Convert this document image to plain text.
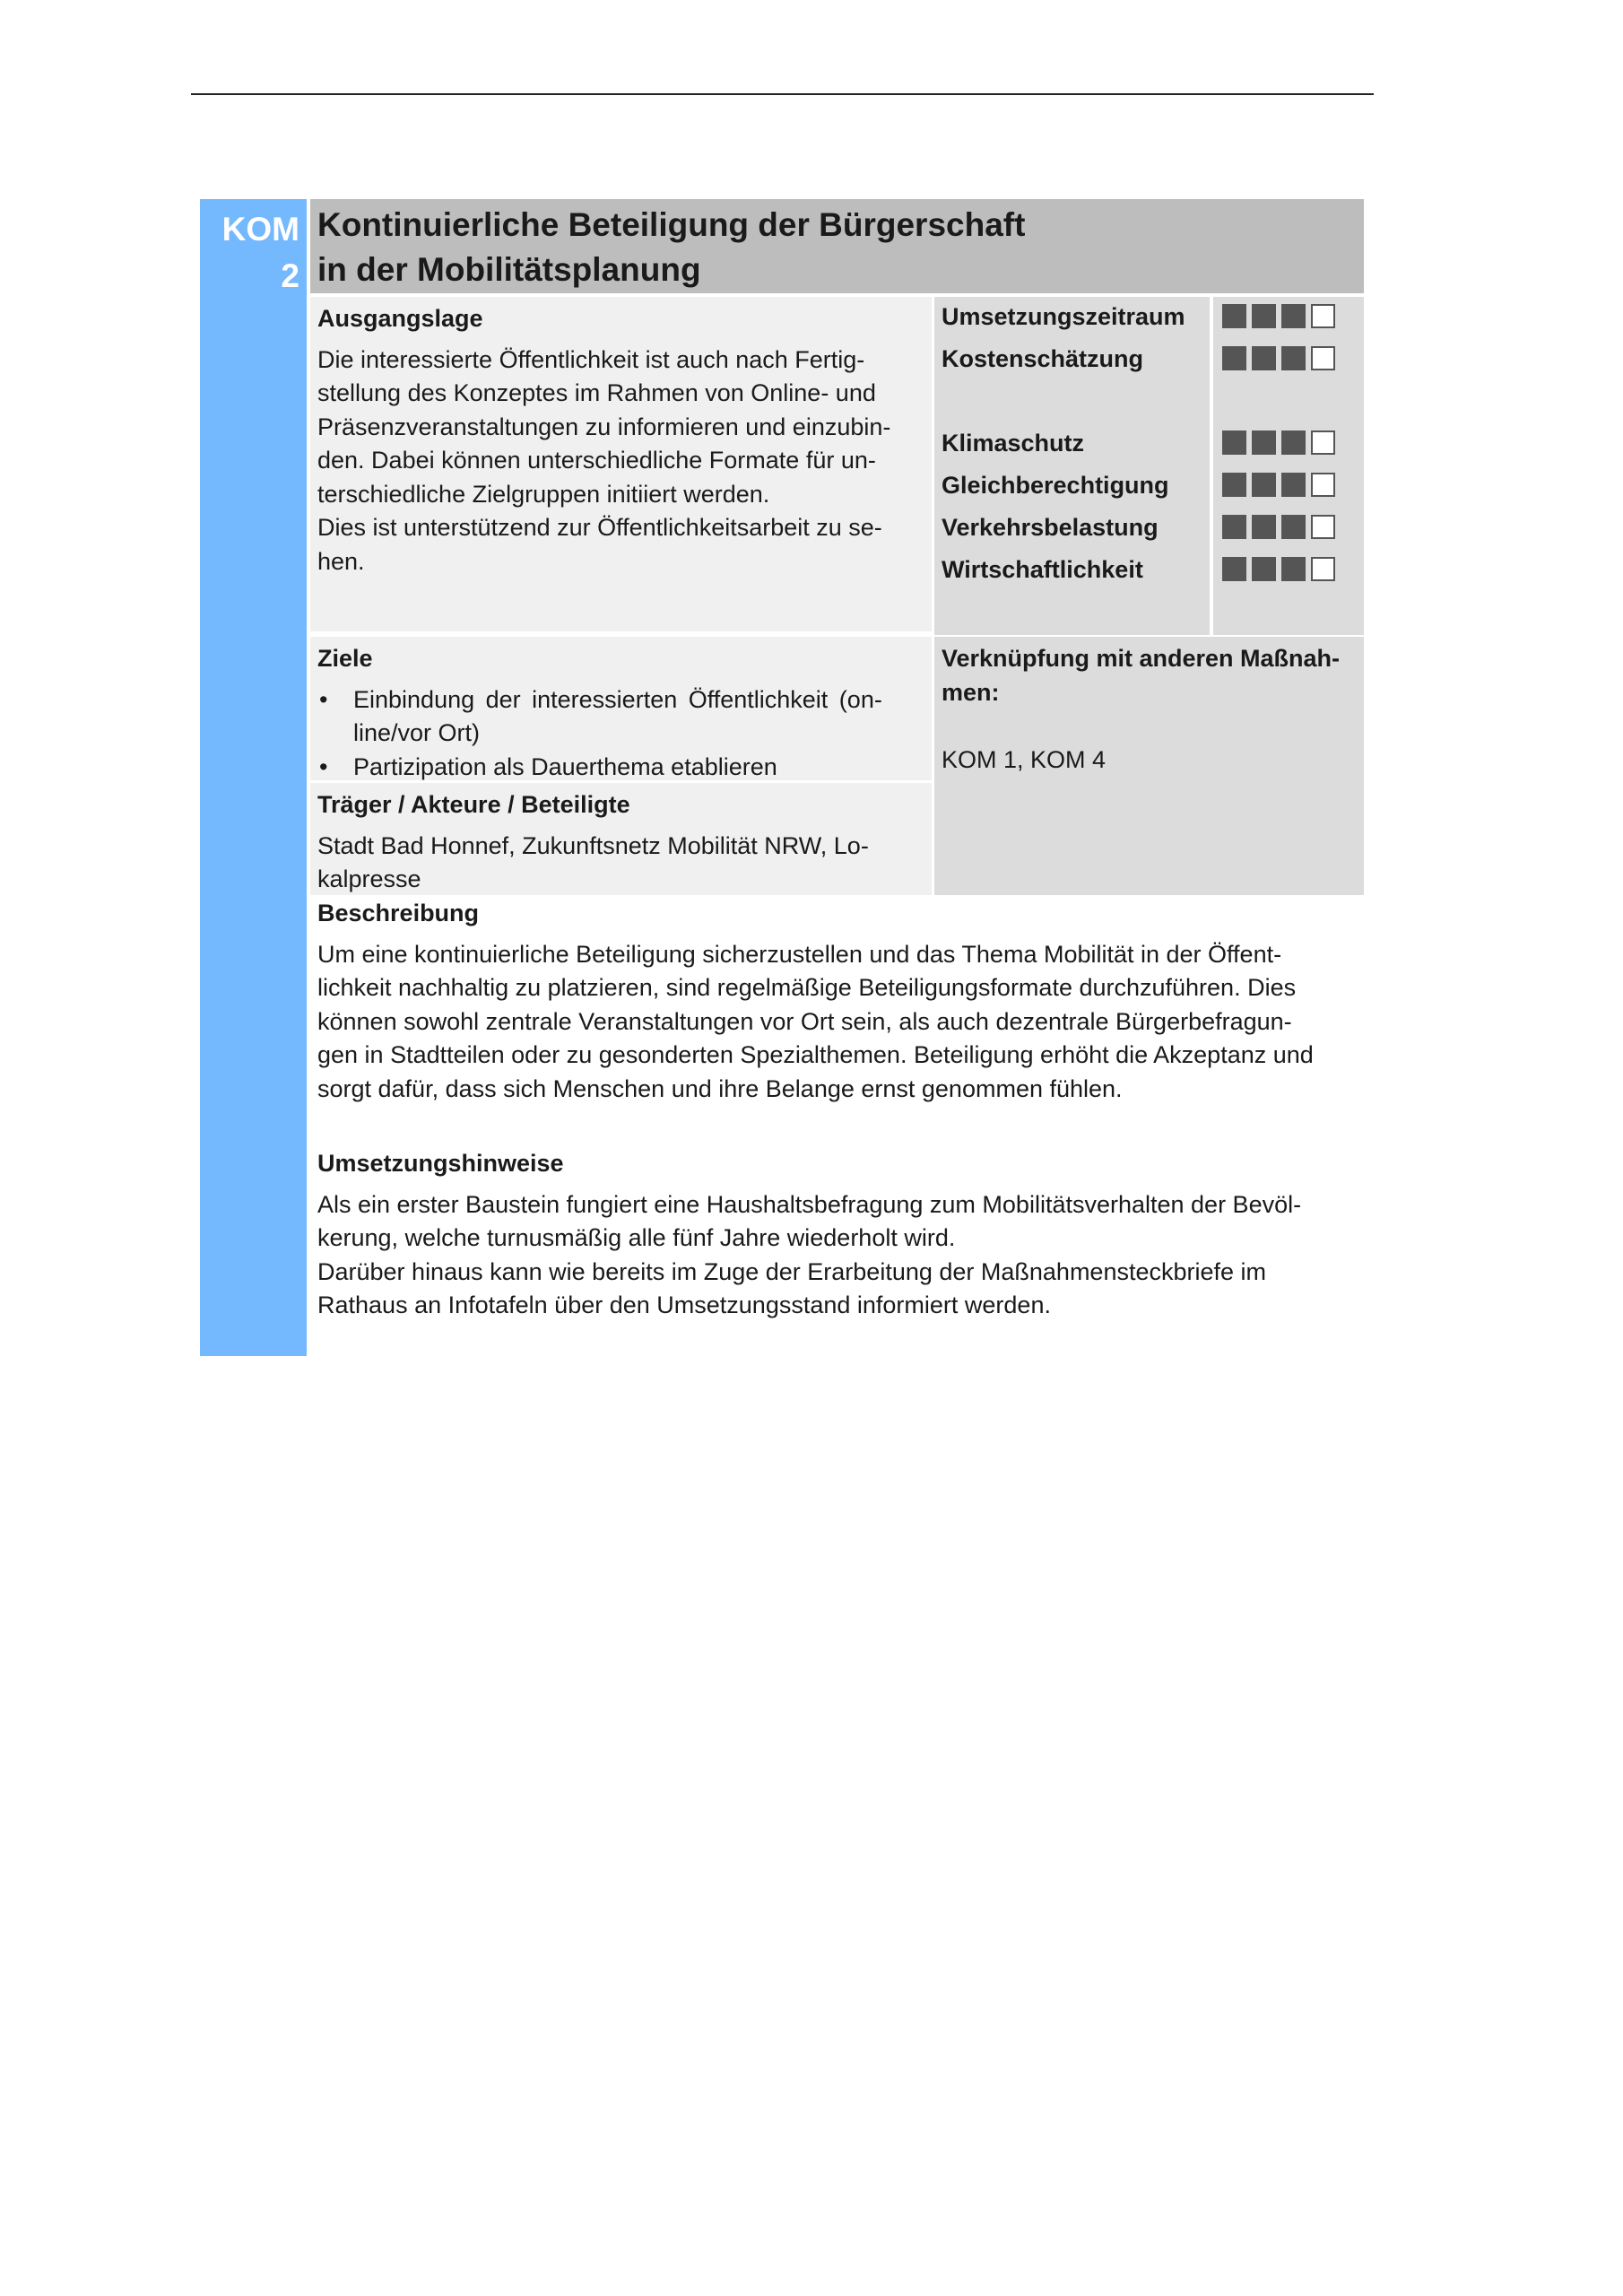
KOM
2
Kontinuierliche Beteiligung der Bürgerschaft
in der Mobilitätsplanung
Ausgangslage
Die interessierte Öffentlichkeit ist auch nach Fertig-
stellung des Konzeptes im Rahmen von Online- und
Präsenzveranstaltungen zu informieren und einzubin-
den. Dabei können unterschiedliche Formate für un-
terschiedliche Zielgruppen initiiert werden.
Dies ist unterstützend zur Öffentlichkeitsarbeit zu se-
hen.
Umsetzungszeitraum
Kostenschätzung
Klimaschutz
Gleichberechtigung
Verkehrsbelastung
Wirtschaftlichkeit
Ziele
• Einbindung der interessierten Öffentlichkeit (on-
line/vor Ort)
• Partizipation als Dauerthema etablieren
Träger / Akteure / Beteiligte
Stadt Bad Honnef, Zukunftsnetz Mobilität NRW, Lo-
kalpresse
Verknüpfung mit anderen Maßnah-
men:
KOM 1, KOM 4
Beschreibung
Um eine kontinuierliche Beteiligung sicherzustellen und das Thema Mobilität in der Öffent-
lichkeit nachhaltig zu platzieren, sind regelmäßige Beteiligungsformate durchzuführen. Dies
können sowohl zentrale Veranstaltungen vor Ort sein, als auch dezentrale Bürgerbefragun-
gen in Stadtteilen oder zu gesonderten Spezialthemen. Beteiligung erhöht die Akzeptanz und
sorgt dafür, dass sich Menschen und ihre Belange ernst genommen fühlen.
Umsetzungshinweise
Als ein erster Baustein fungiert eine Haushaltsbefragung zum Mobilitätsverhalten der Bevöl-
kerung, welche turnusmäßig alle fünf Jahre wiederholt wird.
Darüber hinaus kann wie bereits im Zuge der Erarbeitung der Maßnahmensteckbriefe im
Rathaus an Infotafeln über den Umsetzungsstand informiert werden.
